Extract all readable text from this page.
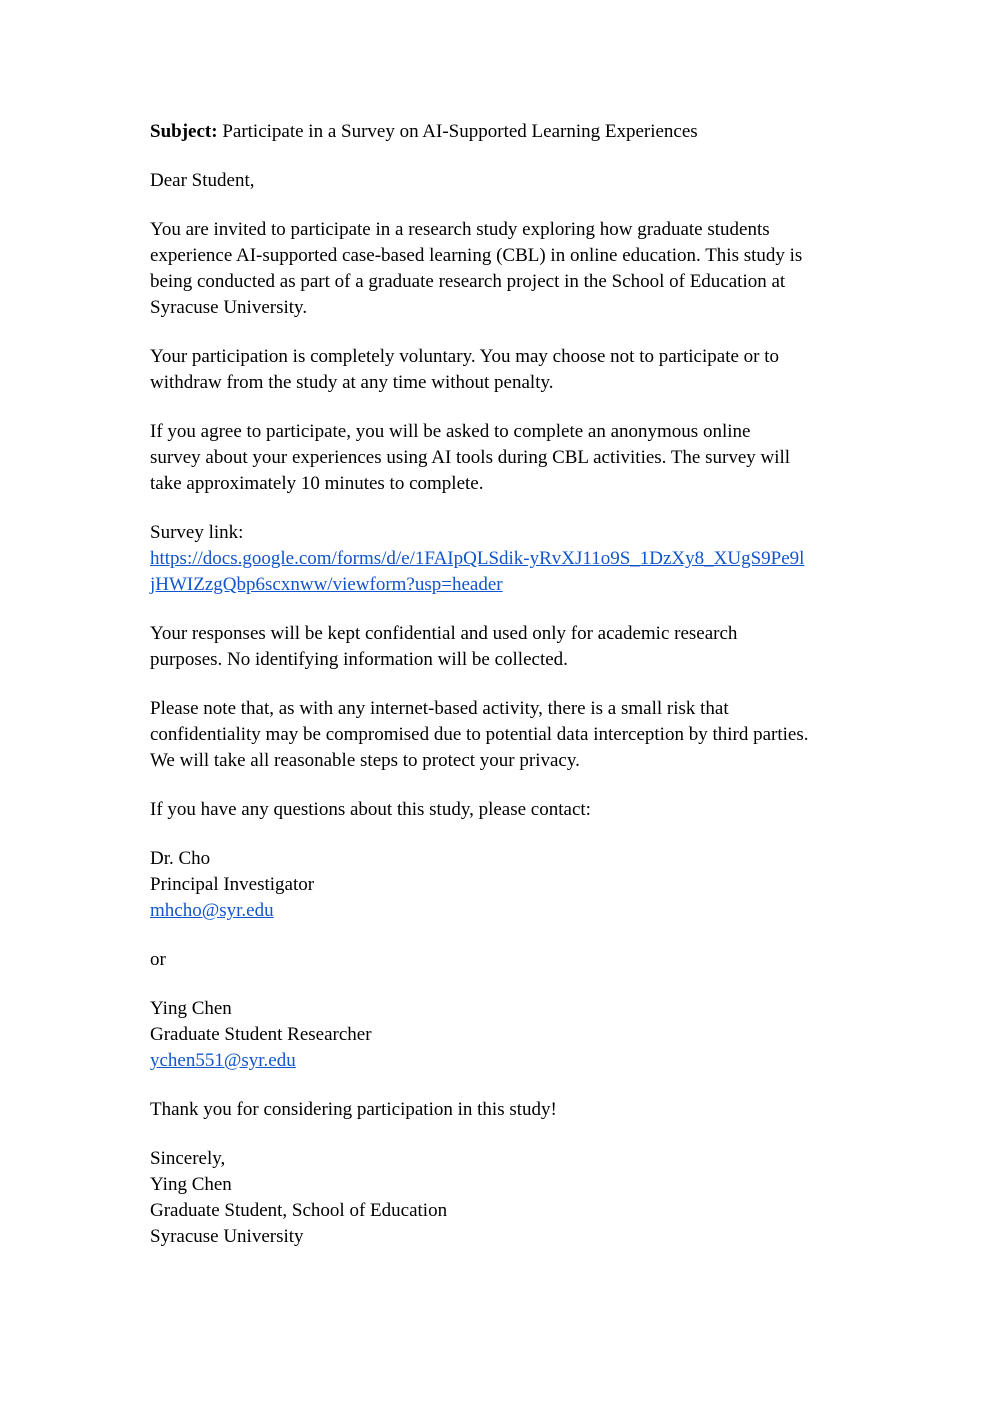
Subject: Participate in a Survey on AI-Supported Learning Experiences

Dear Student,

You are invited to participate in a research study exploring how graduate students
experience AI-supported case-based learning (CBL) in online education. This study is
being conducted as part of a graduate research project in the School of Education at
Syracuse University.

Your participation is completely voluntary. You may choose not to participate or to
withdraw from the study at any time without penalty.

If you agree to participate, you will be asked to complete an anonymous online
survey about your experiences using AI tools during CBL activities. The survey will
take approximately 10 minutes to complete.

Survey link:
https://docs.google.com/forms/d/e/1FAIpQLSdik-yRvXJ11o9S_1DzXy8_XUgS9Pe9l
jHWIZzgQbp6scxnww/viewform?usp=header

Your responses will be kept confidential and used only for academic research
purposes. No identifying information will be collected.

Please note that, as with any internet-based activity, there is a small risk that
confidentiality may be compromised due to potential data interception by third parties.
We will take all reasonable steps to protect your privacy.

If you have any questions about this study, please contact:

Dr. Cho
Principal Investigator
mhcho@syr.edu

or

Ying Chen
Graduate Student Researcher
ychen551@syr.edu

Thank you for considering participation in this study!

Sincerely,
Ying Chen
Graduate Student, School of Education
Syracuse University
